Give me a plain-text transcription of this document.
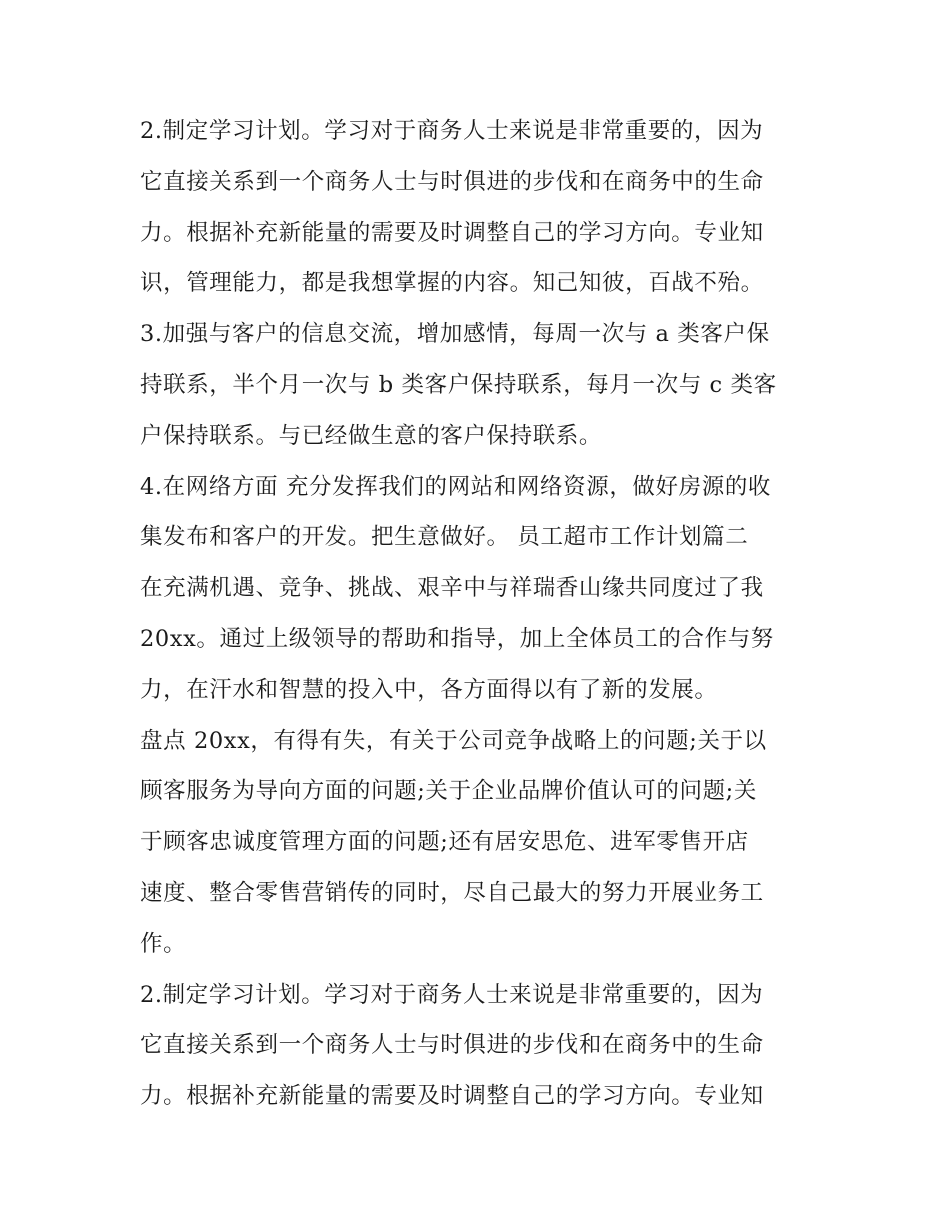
2.制定学习计划。学习对于商务人士来说是非常重要的，因为
它直接关系到一个商务人士与时俱进的步伐和在商务中的生命
力。根据补充新能量的需要及时调整自己的学习方向。专业知
识，管理能力，都是我想掌握的内容。知己知彼，百战不殆。
3.加强与客户的信息交流，增加感情，每周一次与 a 类客户保
持联系，半个月一次与 b 类客户保持联系，每月一次与 c 类客
户保持联系。与已经做生意的客户保持联系。
4.在网络方面 充分发挥我们的网站和网络资源，做好房源的收
集发布和客户的开发。把生意做好。 员工超市工作计划篇二
在充满机遇、竞争、挑战、艰辛中与祥瑞香山缘共同度过了我
20xx。通过上级领导的帮助和指导，加上全体员工的合作与努
力，在汗水和智慧的投入中，各方面得以有了新的发展。
盘点 20xx，有得有失，有关于公司竞争战略上的问题;关于以
顾客服务为导向方面的问题;关于企业品牌价值认可的问题;关
于顾客忠诚度管理方面的问题;还有居安思危、进军零售开店
速度、整合零售营销传的同时，尽自己最大的努力开展业务工
作。
2.制定学习计划。学习对于商务人士来说是非常重要的，因为
它直接关系到一个商务人士与时俱进的步伐和在商务中的生命
力。根据补充新能量的需要及时调整自己的学习方向。专业知
